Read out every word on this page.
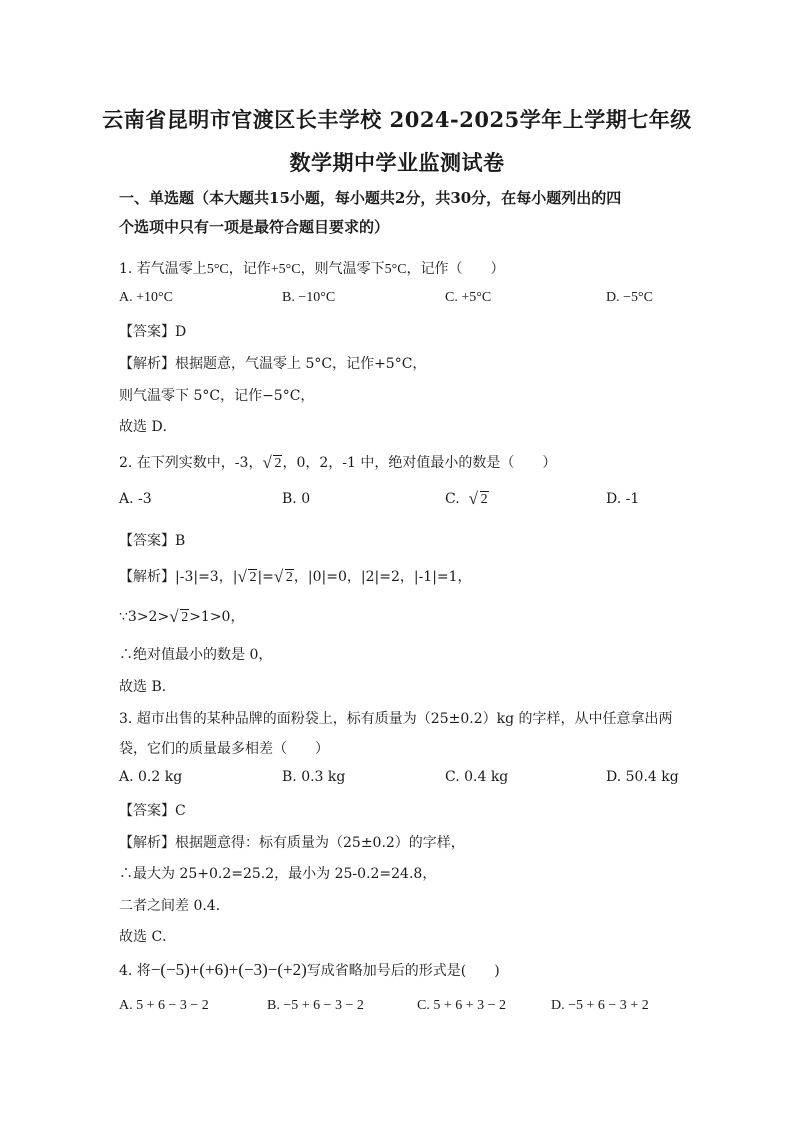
云南省昆明市官渡区长丰学校 2024-2025学年上学期七年级
数学期中学业监测试卷
一、单选题（本大题共15小题，每小题共2分，共30分，在每小题列出的四
个选项中只有一项是最符合题目要求的）
1. 若气温零上5°C，记作+5°C，则气温零下5°C，记作（　　）
A. +10°C	B. −10°C	C. +5°C	D. −5°C
【答案】D
【解析】根据题意，气温零上 5°C，记作+5°C，
则气温零下 5°C，记作−5°C，
故选 D．
2. 在下列实数中，-3， √ 2，0，2，-1 中，绝对值最小的数是（　　）
A. -3	B. 0	C. √ 2	D. -1
【答案】B
【解析】|-3|=3，| √ 2|= √ 2，|0|=0，|2|=2，|-1|=1，
∵3>2> √ 2>1>0，
∴绝对值最小的数是 0，
故选 B．
3. 超市出售的某种品牌的面粉袋上，标有质量为（25±0.2）kg 的字样，从中任意拿出两
袋，它们的质量最多相差（　　）
A. 0.2 kg	B. 0.3 kg	C. 0.4 kg	D. 50.4 kg
【答案】C
【解析】根据题意得：标有质量为（25±0.2）的字样，
∴最大为 25+0.2=25.2，最小为 25-0.2=24.8，
二者之间差 0.4．
故选 C．
4. 将−(−5)+(+6)+(−3)−(+2)写成省略加号后的形式是(　　)
A. 5 + 6 − 3 − 2	B. −5 + 6 − 3 − 2	C. 5 + 6 + 3 − 2	D. −5 + 6 − 3 + 2
